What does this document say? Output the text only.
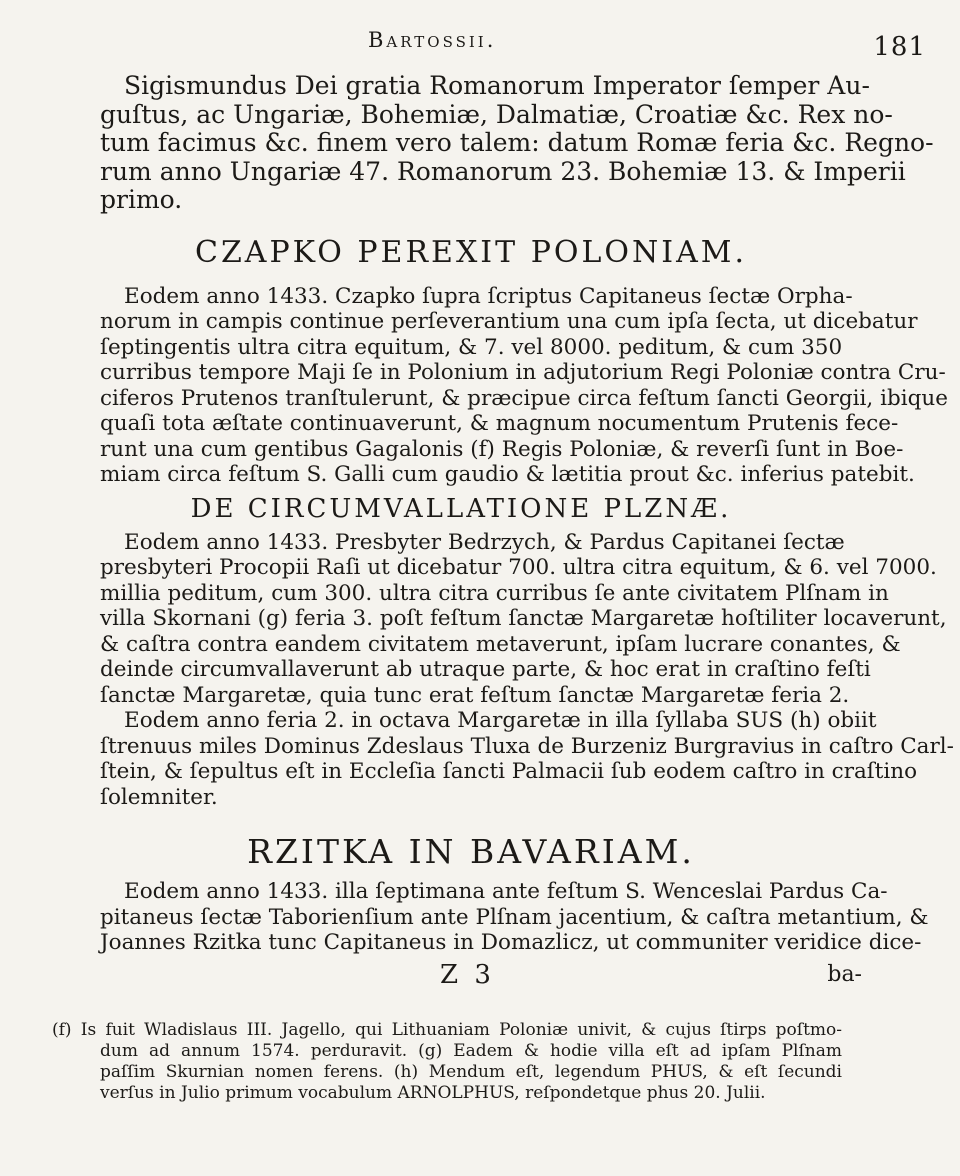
Bartossii.	181
Sigismundus Dei gratia Romanorum Imperator ſemper Au-
guſtus, ac Ungariæ, Bohemiæ, Dalmatiæ, Croatiæ &c. Rex no-
tum facimus &c. finem vero talem: datum Romæ feria &c. Regno-
rum anno Ungariæ 47. Romanorum 23. Bohemiæ 13. & Imperii
primo.
CZAPKO PEREXIT POLONIAM.
Eodem anno 1433. Czapko ſupra ſcriptus Capitaneus ſectæ Orpha-
norum in campis continue perſeverantium una cum ipſa ſecta, ut dicebatur
ſeptingentis ultra citra equitum, & 7. vel 8000. peditum, & cum 350
curribus tempore Maji ſe in Polonium in adjutorium Regi Poloniæ contra Cru-
ciferos Prutenos tranſtulerunt, & præcipue circa feſtum ſancti Georgii, ibique
quaſi tota æſtate continuaverunt, & magnum nocumentum Prutenis fece-
runt una cum gentibus Gagalonis (f) Regis Poloniæ, & reverſi ſunt in Boe-
miam circa feſtum S. Galli cum gaudio & lætitia prout &c. inferius patebit.
DE CIRCUMVALLATIONE PLZNÆ.
Eodem anno 1433. Presbyter Bedrzych, & Pardus Capitanei ſectæ
presbyteri Procopii Raſi ut dicebatur 700. ultra citra equitum, & 6. vel 7000.
millia peditum, cum 300. ultra citra curribus ſe ante civitatem Plſnam in
villa Skornani (g) feria 3. poſt feſtum ſanctæ Margaretæ hoſtiliter locaverunt,
& caſtra contra eandem civitatem metaverunt, ipſam lucrare conantes, &
deinde circumvallaverunt ab utraque parte, & hoc erat in craſtino feſti
ſanctæ Margaretæ, quia tunc erat feſtum ſanctæ Margaretæ feria 2.
Eodem anno feria 2. in octava Margaretæ in illa ſyllaba SUS (h) obiit
ſtrenuus miles Dominus Zdeslaus Tluxa de Burzeniz Burgravius in caſtro Carl-
ſtein, & ſepultus eſt in Eccleſia ſancti Palmacii ſub eodem caſtro in craſtino
ſolemniter.
RZITKA IN BAVARIAM.
Eodem anno 1433. illa ſeptimana ante feſtum S. Wenceslai Pardus Ca-
pitaneus ſectæ Taborienſium ante Plſnam jacentium, & caſtra metantium, &
Joannes Rzitka tunc Capitaneus in Domazlicz, ut communiter veridice dice-
Z 3	ba-
(f) Is fuit Wladislaus III. Jagello, qui Lithuaniam Poloniæ univit, & cujus ſtirps poſtmo-
dum ad annum 1574. perduravit. (g) Eadem & hodie villa eſt ad ipſam Plſnam
paſſim Skurnian nomen ferens. (h) Mendum eſt, legendum PHUS, & eſt ſecundi
verſus in Julio primum vocabulum ARNOLPHUS, reſpondetque phus 20. Julii.
